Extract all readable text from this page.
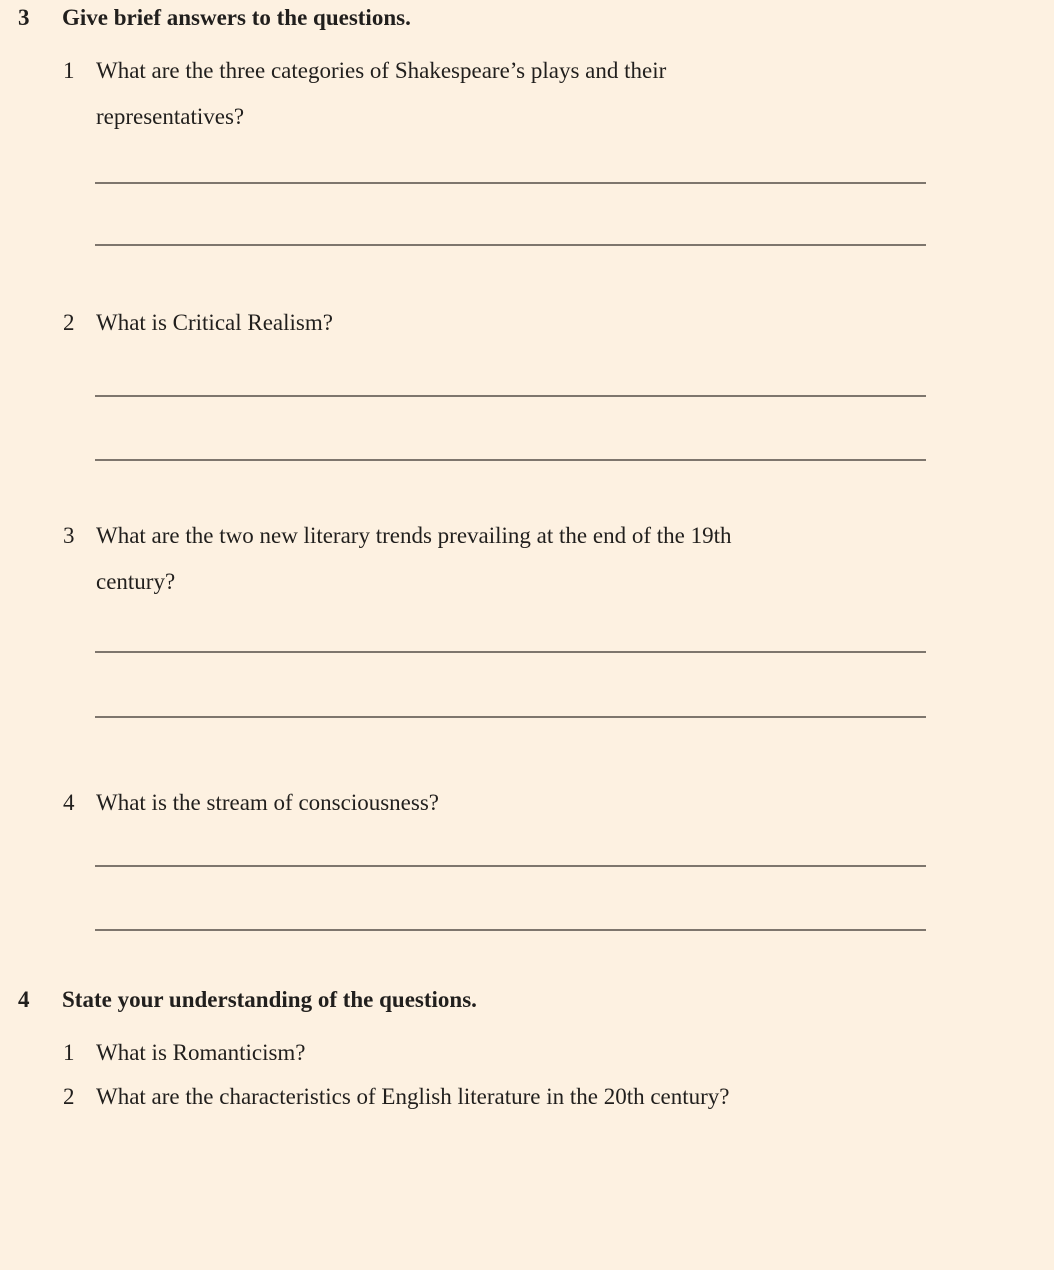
3 Give brief answers to the questions.
1 What are the three categories of Shakespeare’s plays and their
representatives?
2 What is Critical Realism?
3 What are the two new literary trends prevailing at the end of the 19th
century?
4 What is the stream of consciousness?
4 State your understanding of the questions.
1 What is Romanticism?
2 What are the characteristics of English literature in the 20th century?
